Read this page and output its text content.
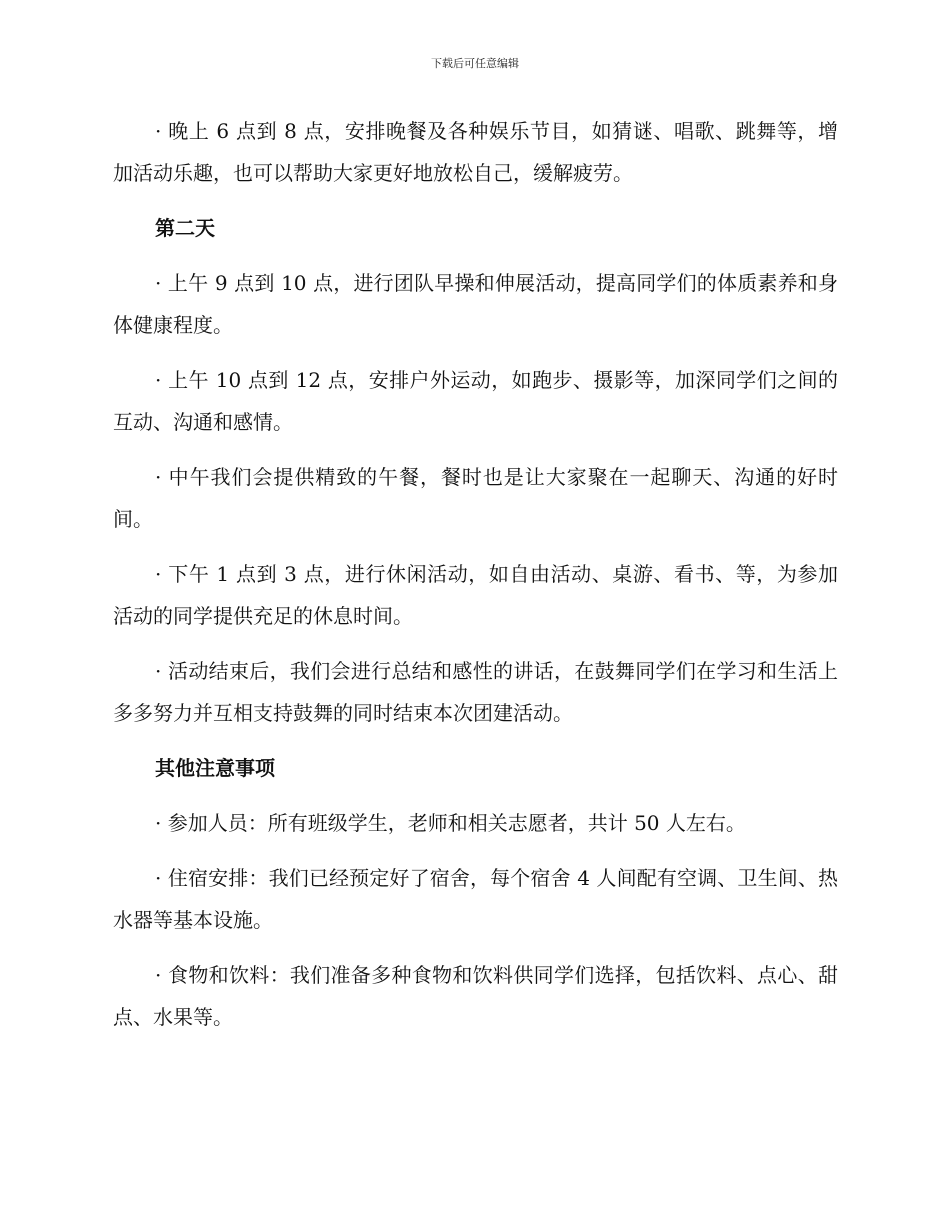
下载后可任意编辑

· 晚上 6 点到 8 点，安排晚餐及各种娱乐节目，如猜谜、唱歌、跳舞等，增加活动乐趣，也可以帮助大家更好地放松自己，缓解疲劳。

第二天

· 上午 9 点到 10 点，进行团队早操和伸展活动，提高同学们的体质素养和身体健康程度。

· 上午 10 点到 12 点，安排户外运动，如跑步、摄影等，加深同学们之间的互动、沟通和感情。

· 中午我们会提供精致的午餐，餐时也是让大家聚在一起聊天、沟通的好时间。

· 下午 1 点到 3 点，进行休闲活动，如自由活动、桌游、看书、等，为参加活动的同学提供充足的休息时间。

· 活动结束后，我们会进行总结和感性的讲话，在鼓舞同学们在学习和生活上多多努力并互相支持鼓舞的同时结束本次团建活动。

其他注意事项

· 参加人员：所有班级学生，老师和相关志愿者，共计 50 人左右。

· 住宿安排：我们已经预定好了宿舍，每个宿舍 4 人间配有空调、卫生间、热水器等基本设施。

· 食物和饮料：我们准备多种食物和饮料供同学们选择，包括饮料、点心、甜点、水果等。
